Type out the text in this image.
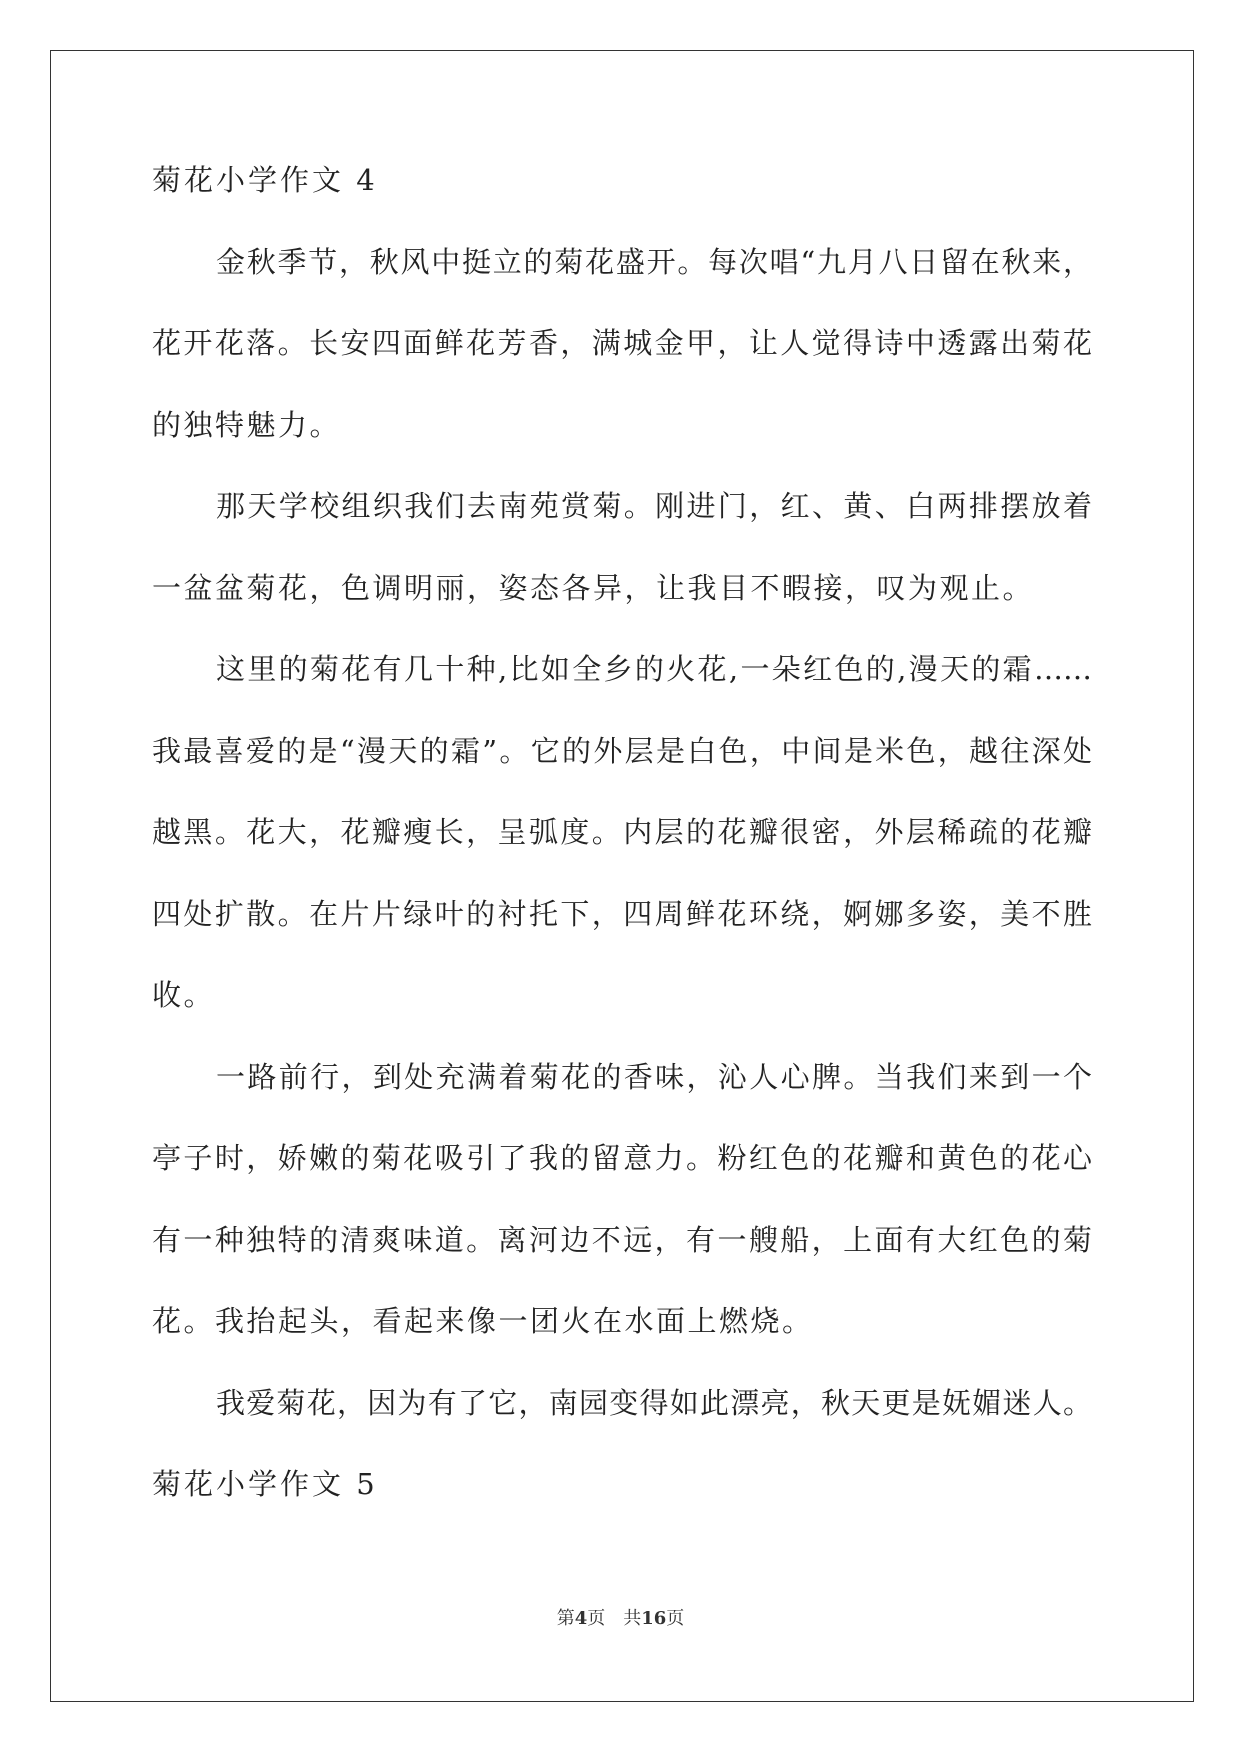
菊花小学作文 4
金秋季节，秋风中挺立的菊花盛开。每次唱“九月八日留在秋来，
花开花落。长安四面鲜花芳香，满城金甲，让人觉得诗中透露出菊花
的独特魅力。
那天学校组织我们去南苑赏菊。刚进门，红、黄、白两排摆放着
一盆盆菊花，色调明丽，姿态各异，让我目不暇接，叹为观止。
这里的菊花有几十种,比如全乡的火花,一朵红色的,漫天的霜……
我最喜爱的是“漫天的霜”。它的外层是白色，中间是米色，越往深处
越黑。花大，花瓣瘦长，呈弧度。内层的花瓣很密，外层稀疏的花瓣
四处扩散。在片片绿叶的衬托下，四周鲜花环绕，婀娜多姿，美不胜
收。
一路前行，到处充满着菊花的香味，沁人心脾。当我们来到一个
亭子时，娇嫩的菊花吸引了我的留意力。粉红色的花瓣和黄色的花心
有一种独特的清爽味道。离河边不远，有一艘船，上面有大红色的菊
花。我抬起头，看起来像一团火在水面上燃烧。
我爱菊花，因为有了它，南园变得如此漂亮，秋天更是妩媚迷人。
菊花小学作文 5
第4页 共16页
